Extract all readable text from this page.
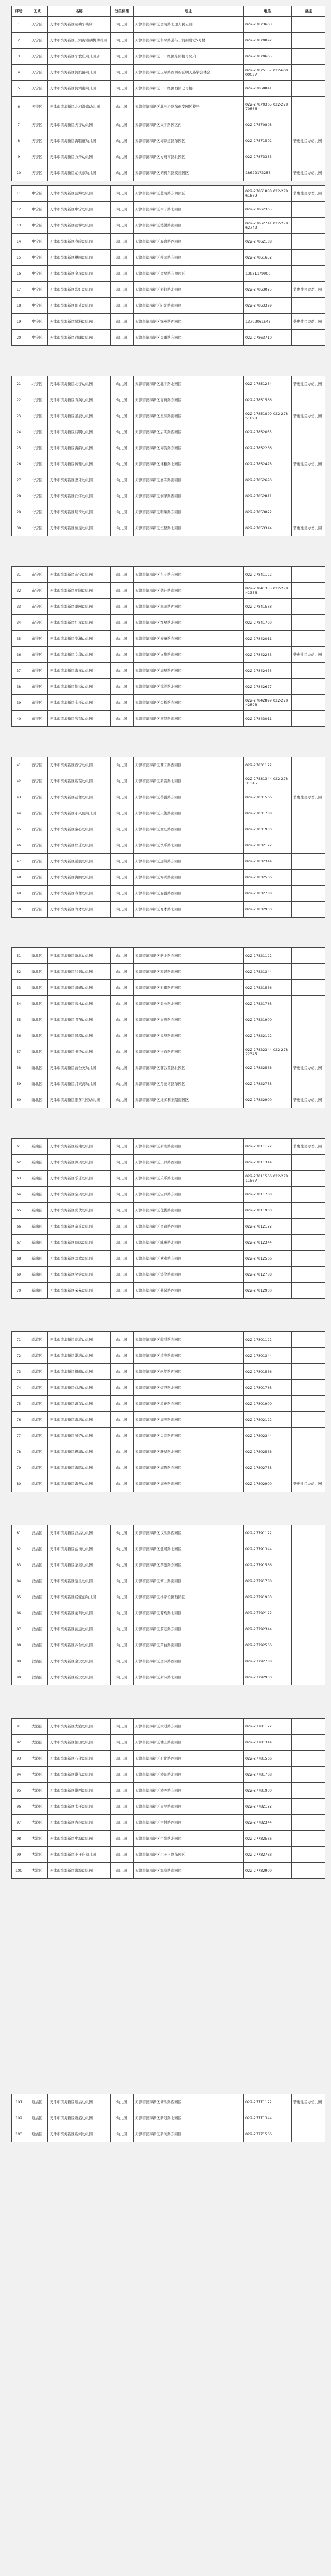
序号	区域	名称	分类标准	地址	电话	备注
1	天宁区	天津市滨海新区胡桃华店店	幼儿园	天津市滨海新区金海路北里人民公园	022-27873663	
2	天宁区	天津市滨海新区三河街道胡桃幼儿园	幼儿园	天津市滨海新区和平路道与三河街附近5号楼	022-27870092	
3	天宁区	天津市滨海新区华农庄幼儿园店	幼儿园	天津市滨海新区十一经路东园楼号院内	022-27870665	
4	天宁区	天津市滨海新区河滨路幼儿园	幼儿园	天津市滨海新区玉鼎路西侧新区明天路学会楼会	022-27875157 022-60000027	
5	天宁区	天津市滨海新区河湾南幼儿园	幼儿园	天津市滨海新区十一经路西园七号楼	022-27868841	
6	天宁区	天津市滨海新区北河沿路幼儿园	幼儿园	天津市滨海新区北河沿路东侧安园区楼号	022-27870365 022-27870866	
7	天宁区	天津市滨海新区天宁幼儿园	幼儿园	天津市滨海新区天宁路园区内	022-27870808	
8	天宁区	天津市滨海新区海联道幼儿园	幼儿园	天津市滨海新区海联道路东园区	022-27871502	普惠性民办幼儿园
9	天宁区	天津市滨海新区方舟幼儿园	幼儿园	天津市滨海新区方舟南路北园区	022-27873333	
10	天宁区	天津市滨海新区胡桃东幼儿园	幼儿园	天津市滨海新区胡桃东路安居园区	18622173255	普惠性民办幼儿园
11	中宁区	天津市滨海新区蓝海幼儿园	幼儿园	天津市滨海新区蓝海路东侧园区	022-27861888 022-27861889	普惠性民办幼儿园
12	中宁区	天津市滨海新区中宁幼儿园	幼儿园	天津市滨海新区中宁路北园区	022-27862365	
13	中宁区	天津市滨海新区德馨幼儿园	幼儿园	天津市滨海新区德馨路南园区	022-27862741 022-27862742	
14	中宁区	天津市滨海新区春晓幼儿园	幼儿园	天津市滨海新区春晓路西园区	022-27862188	
15	中宁区	天津市滨海新区桃园幼儿园	幼儿园	天津市滨海新区桃园路东园区	022-27861652	
16	中宁区	天津市滨海新区金星幼儿园	幼儿园	天津市滨海新区金星路东侧园区	13821179966	
17	中宁区	天津市滨海新区彩虹幼儿园	幼儿园	天津市滨海新区彩虹路北园区	022-27863025	普惠性民办幼儿园
18	中宁区	天津市滨海新区阳光幼儿园	幼儿园	天津市滨海新区阳光路南园区	022-27863399	
19	中宁区	天津市滨海新区绿洲幼儿园	幼儿园	天津市滨海新区绿洲路西园区	13702061548	普惠性民办幼儿园
20	中宁区	天津市滨海新区晨曦幼儿园	幼儿园	天津市滨海新区晨曦路东园区	022-27863710	
21	北宁区	天津市滨海新区北宁幼儿园	幼儿园	天津市滨海新区北宁路北园区	022-27851234	普惠性民办幼儿园
22	北宁区	天津市滨海新区育英幼儿园	幼儿园	天津市滨海新区育英路东园区	022-27851566	
23	北宁区	天津市滨海新区星辰幼儿园	幼儿园	天津市滨海新区星辰路南园区	022-27851899 022-27851898	普惠性民办幼儿园
24	北宁区	天津市滨海新区启明幼儿园	幼儿园	天津市滨海新区启明路西园区	022-27852033	
25	北宁区	天津市滨海新区海韵幼儿园	幼儿园	天津市滨海新区海韵路东园区	022-27852266	
26	北宁区	天津市滨海新区博雅幼儿园	幼儿园	天津市滨海新区博雅路北园区	022-27852478	普惠性民办幼儿园
27	北宁区	天津市滨海新区嘉禾幼儿园	幼儿园	天津市滨海新区嘉禾路南园区	022-27852690	
28	北宁区	天津市滨海新区润泽幼儿园	幼儿园	天津市滨海新区润泽路西园区	022-27852811	
29	北宁区	天津市滨海新区明珠幼儿园	幼儿园	天津市滨海新区明珠路东园区	022-27853022	
30	北宁区	天津市滨海新区恒星幼儿园	幼儿园	天津市滨海新区恒星路北园区	022-27853344	普惠性民办幼儿园
31	东宁区	天津市滨海新区东宁幼儿园	幼儿园	天津市滨海新区东宁路东园区	022-27841122	
32	东宁区	天津市滨海新区朝阳幼儿园	幼儿园	天津市滨海新区朝阳路南园区	022-27841355 022-27841356	
33	东宁区	天津市滨海新区翠园幼儿园	幼儿园	天津市滨海新区翠园路西园区	022-27841588	
34	东宁区	天津市滨海新区红星幼儿园	幼儿园	天津市滨海新区红星路北园区	022-27841799	
35	东宁区	天津市滨海新区安澜幼儿园	幼儿园	天津市滨海新区安澜路东园区	022-27842011	
36	东宁区	天津市滨海新区文华幼儿园	幼儿园	天津市滨海新区文华路南园区	022-27842233	普惠性民办幼儿园
37	东宁区	天津市滨海新区海星幼儿园	幼儿园	天津市滨海新区海星路西园区	022-27842455	
38	东宁区	天津市滨海新区锦绣幼儿园	幼儿园	天津市滨海新区锦绣路北园区	022-27842677	
39	东宁区	天津市滨海新区金桥幼儿园	幼儿园	天津市滨海新区金桥路东园区	022-27842899 022-27842898	
40	东宁区	天津市滨海新区智慧幼儿园	幼儿园	天津市滨海新区智慧路南园区	022-27843011	
41	西宁区	天津市滨海新区西宁幼儿园	幼儿园	天津市滨海新区西宁路西园区	022-27831122	
42	西宁区	天津市滨海新区新苗幼儿园	幼儿园	天津市滨海新区新苗路北园区	022-27831344 022-27831345	
43	西宁区	天津市滨海新区蓓蕾幼儿园	幼儿园	天津市滨海新区蓓蕾路东园区	022-27831566	普惠性民办幼儿园
44	西宁区	天津市滨海新区小天使幼儿园	幼儿园	天津市滨海新区天使路南园区	022-27831788	
45	西宁区	天津市滨海新区童心幼儿园	幼儿园	天津市滨海新区童心路西园区	022-27831900	
46	西宁区	天津市滨海新区快乐幼儿园	幼儿园	天津市滨海新区快乐路北园区	022-27832122	
47	西宁区	天津市滨海新区远航幼儿园	幼儿园	天津市滨海新区远航路东园区	022-27832344	
48	西宁区	天津市滨海新区海鸥幼儿园	幼儿园	天津市滨海新区海鸥路南园区	022-27832566	
49	西宁区	天津市滨海新区春蕾幼儿园	幼儿园	天津市滨海新区春蕾路西园区	022-27832788	
50	西宁区	天津市滨海新区育才幼儿园	幼儿园	天津市滨海新区育才路北园区	022-27832900	
51	新北区	天津市滨海新区新北幼儿园	幼儿园	天津市滨海新区新北路东园区	022-27821122	
52	新北区	天津市滨海新区和谐幼儿园	幼儿园	天津市滨海新区和谐路南园区	022-27821344	
53	新北区	天津市滨海新区彩蝶幼儿园	幼儿园	天津市滨海新区彩蝶路西园区	022-27821566	
54	新北区	天津市滨海新区碧水幼儿园	幼儿园	天津市滨海新区碧水路北园区	022-27821788	
55	新北区	天津市滨海新区青苗幼儿园	幼儿园	天津市滨海新区青苗路东园区	022-27821900	
56	新北区	天津市滨海新区凤凰幼儿园	幼儿园	天津市滨海新区凤凰路南园区	022-27822122	
57	新北区	天津市滨海新区书香幼儿园	幼儿园	天津市滨海新区书香路西园区	022-27822344 022-27822345	
58	新北区	天津市滨海新区蒲公英幼儿园	幼儿园	天津市滨海新区蒲公英路北园区	022-27822566	普惠性民办幼儿园
59	新北区	天津市滨海新区月亮湾幼儿园	幼儿园	天津市滨海新区月亮湾路东园区	022-27822788	
60	新北区	天津市滨海新区维多利亚幼儿园	幼儿园	天津市滨海新区维多利亚路南园区	022-27822900	普惠性民办幼儿园
61	新南区	天津市滨海新区新南幼儿园	幼儿园	天津市滨海新区新南路南园区	022-27811122	普惠性民办幼儿园
62	新南区	天津市滨海新区贝贝幼儿园	幼儿园	天津市滨海新区贝贝路西园区	022-27811344	
63	新南区	天津市滨海新区乐乐幼儿园	幼儿园	天津市滨海新区乐乐路北园区	022-27811566 022-27811567	
64	新南区	天津市滨海新区宝贝幼儿园	幼儿园	天津市滨海新区宝贝路东园区	022-27811788	
65	新南区	天津市滨海新区优优幼儿园	幼儿园	天津市滨海新区优优路南园区	022-27811900	
66	新南区	天津市滨海新区奇奇幼儿园	幼儿园	天津市滨海新区奇奇路西园区	022-27812122	
67	新南区	天津市滨海新区咪咪幼儿园	幼儿园	天津市滨海新区咪咪路北园区	022-27812344	
68	新南区	天津市滨海新区欢欢幼儿园	幼儿园	天津市滨海新区欢欢路东园区	022-27812566	
69	新南区	天津市滨海新区笑笑幼儿园	幼儿园	天津市滨海新区笑笑路南园区	022-27812788	
70	新南区	天津市滨海新区朵朵幼儿园	幼儿园	天津市滨海新区朵朵路西园区	022-27812900	
71	临港区	天津市滨海新区临港幼儿园	幼儿园	天津市滨海新区临港路东园区	022-27801122	
72	临港区	天津市滨海新区港湾幼儿园	幼儿园	天津市滨海新区港湾路南园区	022-27801344	
73	临港区	天津市滨海新区帆船幼儿园	幼儿园	天津市滨海新区帆船路西园区	022-27801566	
74	临港区	天津市滨海新区灯塔幼儿园	幼儿园	天津市滨海新区灯塔路北园区	022-27801788	
75	临港区	天津市滨海新区浪花幼儿园	幼儿园	天津市滨海新区浪花路东园区	022-27801900	
76	临港区	天津市滨海新区海湾幼儿园	幼儿园	天津市滨海新区海湾路南园区	022-27802122	
77	临港区	天津市滨海新区贝壳幼儿园	幼儿园	天津市滨海新区贝壳路西园区	022-27802344	
78	临港区	天津市滨海新区珊瑚幼儿园	幼儿园	天津市滨海新区珊瑚路北园区	022-27802566	
79	临港区	天津市滨海新区海豚幼儿园	幼儿园	天津市滨海新区海豚路东园区	022-27802788	
80	临港区	天津市滨海新区海燕幼儿园	幼儿园	天津市滨海新区海燕路南园区	022-27802900	普惠性民办幼儿园
81	汉沽区	天津市滨海新区汉沽幼儿园	幼儿园	天津市滨海新区汉沽路西园区	022-27791122	
82	汉沽区	天津市滨海新区盐场幼儿园	幼儿园	天津市滨海新区盐场路北园区	022-27791344	
83	汉沽区	天津市滨海新区茶淀幼儿园	幼儿园	天津市滨海新区茶淀路东园区	022-27791566	
84	汉沽区	天津市滨海新区寨上幼儿园	幼儿园	天津市滨海新区寨上路南园区	022-27791788	
85	汉沽区	天津市滨海新区杨家泊幼儿园	幼儿园	天津市滨海新区杨家泊路西园区	022-27791900	
86	汉沽区	天津市滨海新区葡萄幼儿园	幼儿园	天津市滨海新区葡萄路北园区	022-27792122	
87	汉沽区	天津市滨海新区蓟运幼儿园	幼儿园	天津市滨海新区蓟运路东园区	022-27792344	
88	汉沽区	天津市滨海新区芦台幼儿园	幼儿园	天津市滨海新区芦台路南园区	022-27792566	
89	汉沽区	天津市滨海新区金汉幼儿园	幼儿园	天津市滨海新区金汉路西园区	022-27792788	
90	汉沽区	天津市滨海新区新汉幼儿园	幼儿园	天津市滨海新区新汉路北园区	022-27792900	
91	大港区	天津市滨海新区大港幼儿园	幼儿园	天津市滨海新区大港路东园区	022-27781122	
92	大港区	天津市滨海新区油田幼儿园	幼儿园	天津市滨海新区油田路南园区	022-27781344	
93	大港区	天津市滨海新区石化幼儿园	幼儿园	天津市滨海新区石化路西园区	022-27781566	
94	大港区	天津市滨海新区港东幼儿园	幼儿园	天津市滨海新区港东路北园区	022-27781788	
95	大港区	天津市滨海新区港西幼儿园	幼儿园	天津市滨海新区港西路东园区	022-27781900	
96	大港区	天津市滨海新区太平幼儿园	幼儿园	天津市滨海新区太平路南园区	022-27782122	
97	大港区	天津市滨海新区古林幼儿园	幼儿园	天津市滨海新区古林路西园区	022-27782344	
98	大港区	天津市滨海新区中塘幼儿园	幼儿园	天津市滨海新区中塘路北园区	022-27782566	
99	大港区	天津市滨海新区小王庄幼儿园	幼儿园	天津市滨海新区小王庄路东园区	022-27782788	
100	大港区	天津市滨海新区海滨幼儿园	幼儿园	天津市滨海新区海滨路南园区	022-27782900	
101	塘沽区	天津市滨海新区塘沽幼儿园	幼儿园	天津市滨海新区塘沽路西园区	022-27771122	普惠性民办幼儿园
102	塘沽区	天津市滨海新区新港幼儿园	幼儿园	天津市滨海新区新港路北园区	022-27771344	
103	塘沽区	天津市滨海新区新河幼儿园	幼儿园	天津市滨海新区新河路东园区	022-27771566	
